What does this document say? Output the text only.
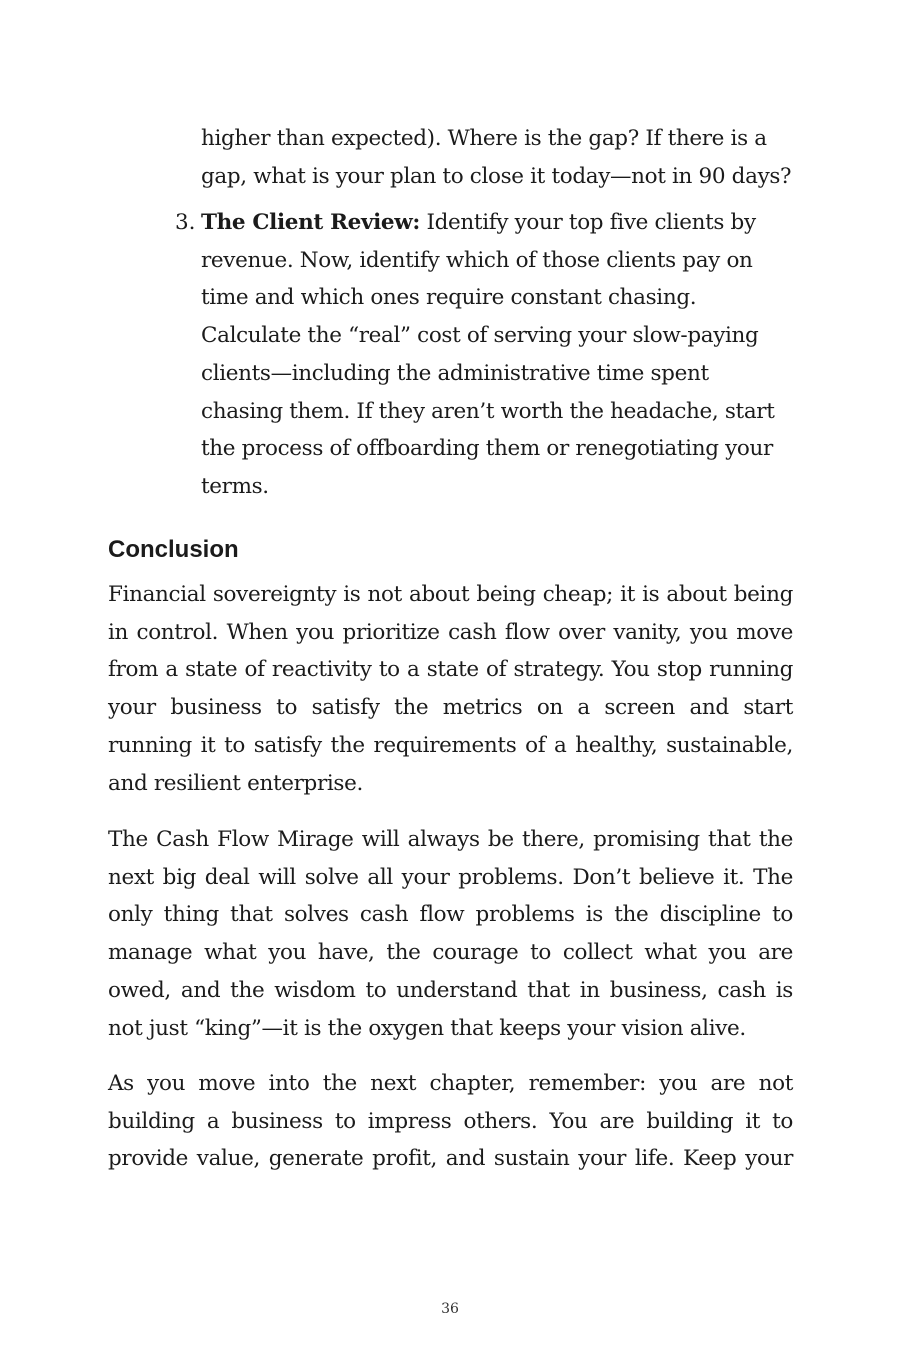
higher than expected). Where is the gap? If there is a
gap, what is your plan to close it today—not in 90 days?
3. The Client Review: Identify your top five clients by
revenue. Now, identify which of those clients pay on
time and which ones require constant chasing.
Calculate the “real” cost of serving your slow-paying
clients—including the administrative time spent
chasing them. If they aren’t worth the headache, start
the process of offboarding them or renegotiating your
terms.
Conclusion
Financial sovereignty is not about being cheap; it is about being
in control. When you prioritize cash flow over vanity, you move
from a state of reactivity to a state of strategy. You stop running
your business to satisfy the metrics on a screen and start
running it to satisfy the requirements of a healthy, sustainable,
and resilient enterprise.
The Cash Flow Mirage will always be there, promising that the
next big deal will solve all your problems. Don’t believe it. The
only thing that solves cash flow problems is the discipline to
manage what you have, the courage to collect what you are
owed, and the wisdom to understand that in business, cash is
not just “king”—it is the oxygen that keeps your vision alive.
As you move into the next chapter, remember: you are not
building a business to impress others. You are building it to
provide value, generate profit, and sustain your life. Keep your
36
